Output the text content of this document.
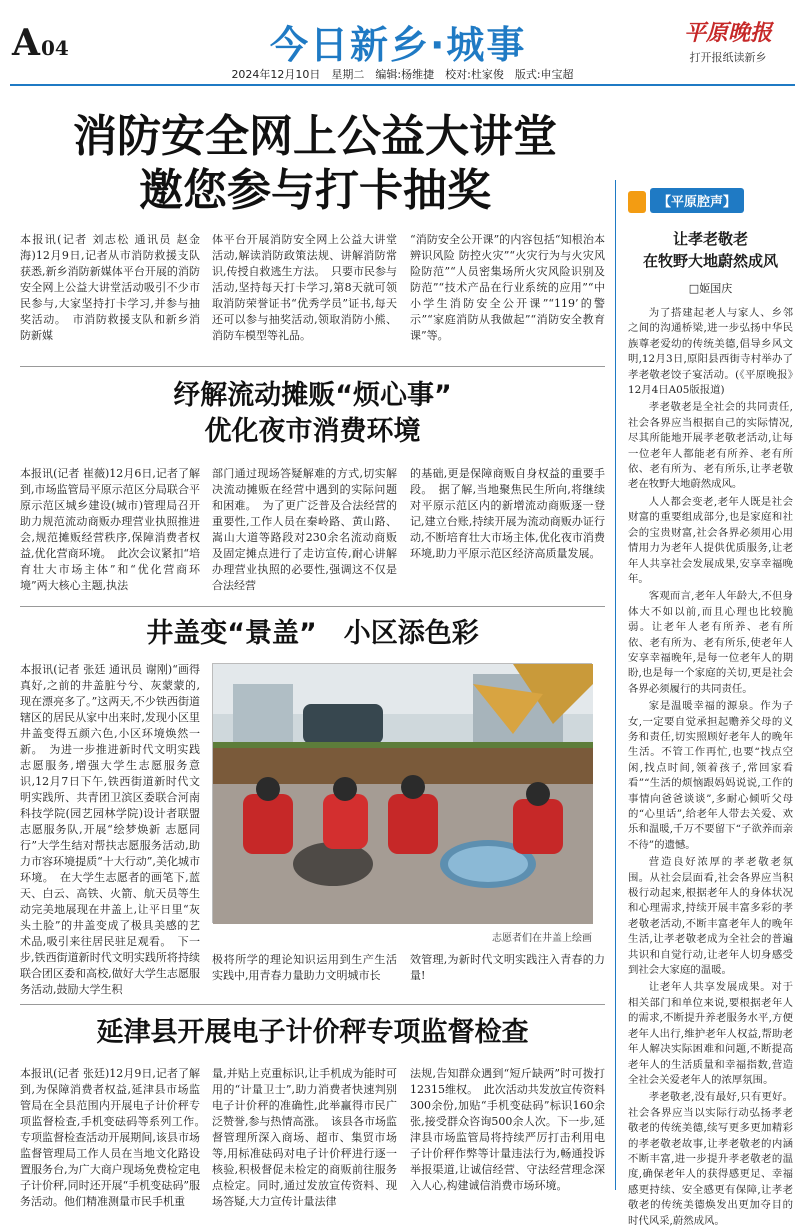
A 04	今日新乡·城事	平原晚报
打开报纸读新乡
2024年12月10日　星期二　编辑:杨维捷　校对:杜家俊　版式:申宝超
消防安全网上公益大讲堂
邀您参与打卡抽奖
本报讯(记者 刘志松 通讯员 赵金海)12月9日,记者从市消防救援支队获悉,新乡消防新媒体平台开展的消防安全网上公益大讲堂活动吸引不少市民参与,大家坚持打卡学习,并参与抽奖活动。　市消防救援支队和新乡消防新媒
体平台开展消防安全网上公益大讲堂活动,解读消防政策法规、讲解消防常识,传授自救逃生方法。　只要市民参与活动,坚持每天打卡学习,第8天就可领取消防荣誉证书“优秀学员”证书,每天还可以参与抽奖活动,领取消防小熊、消防车模型等礼品。
“消防安全公开课”的内容包括“知根治本 辨识风险 防控火灾”“火灾行为与火灾风险防范”“人员密集场所火灾风险识别及防范”“技术产品在行业系统的应用”“中小学生消防安全公开课”“119’的警示”“家庭消防从我做起”“消防安全教育课”等。
纾解流动摊贩“烦心事”
优化夜市消费环境
本报讯(记者 崔薇)12月6日,记者了解到,市场监管局平原示范区分局联合平原示范区城乡建设(城市)管理局召开助力规范流动商贩办理营业执照推进会,规范摊贩经营秩序,保障消费者权益,优化营商环境。　此次会议紧扣“培育壮大市场主体”和“优化营商环境”两大核心主题,执法
部门通过现场答疑解难的方式,切实解决流动摊贩在经营中遇到的实际问题和困难。　为了更广泛普及合法经营的重要性,工作人员在秦岭路、黄山路、嵩山大道等路段对230余名流动商贩及固定摊点进行了走访宣传,耐心讲解办理营业执照的必要性,强调这不仅是合法经营
的基础,更是保障商贩自身权益的重要手段。　据了解,当地聚焦民生所向,将继续对平原示范区内的新增流动商贩逐一登记,建立台账,持续开展为流动商贩办证行动,不断培育壮大市场主体,优化夜市消费环境,助力平原示范区经济高质量发展。
井盖变“景盖”　小区添色彩
本报讯(记者 张廷 通讯员 谢刚)“画得真好,之前的井盖脏兮兮、灰蒙蒙的,现在漂亮多了。”这两天,不少铁西街道辖区的居民从家中出来时,发现小区里井盖变得五颜六色,小区环境焕然一新。　为进一步推进新时代文明实践志愿服务,增强大学生志愿服务意识,12月7日下午,铁西街道新时代文明实践所、共青团卫滨区委联合河南科技学院(园艺园林学院)设计者联盟志愿服务队,开展“绘梦焕新 志愿同行”大学生结对帮扶志愿服务活动,助力市容环境提质“十大行动”,美化城市环境。　在大学生志愿者的画笔下,蓝天、白云、高铁、火箭、航天员等生动完美地展现在井盖上,让平日里“灰头土脸”的井盖变成了极具美感的艺术品,吸引来往居民驻足观看。　下一步,铁西街道新时代文明实践所将持续联合团区委和高校,做好大学生志愿服务活动,鼓励大学生积
志愿者们在井盖上绘画
极将所学的理论知识运用到生产生活实践中,用青春力量助力文明城市长
效管理,为新时代文明实践注入青春的力量!
延津县开展电子计价秤专项监督检查
本报讯(记者 张廷)12月9日,记者了解到,为保障消费者权益,延津县市场监管局在全县范围内开展电子计价秤专项监督检查,手机变砝码等系列工作。　专项监督检查活动开展期间,该县市场监督管理局工作人员在当地文化路设置服务台,为广大商户现场免费检定电子计价秤,同时还开展“手机变砝码”服务活动。他们精准测量市民手机重
量,并贴上克重标识,让手机成为能时可用的“计量卫士”,助力消费者快速判别电子计价秤的准确性,此举赢得市民广泛赞誉,参与热情高涨。　该县各市场监督管理所深入商场、超市、集贸市场等,用标准砝码对电子计价秤进行逐一核验,积极督促未检定的商贩前往服务点检定。同时,通过发放宣传资料、现场答疑,大力宣传计量法律
法规,告知群众遇到“短斤缺两”时可拨打12315维权。　此次活动共发放宣传资料300余份,加贴“手机变砝码”标识160余张,接受群众咨询500余人次。下一步,延津县市场监管局将持续严厉打击利用电子计价秤作弊等计量违法行为,畅通投诉举报渠道,让诚信经营、守法经营理念深入人心,构建诚信消费市场环境。
【平原腔声】
让孝老敬老
在牧野大地蔚然成风
□姬国庆

为了搭建起老人与家人、乡邻之间的沟通桥梁,进一步弘扬中华民族尊老爱幼的传统美德,倡导乡风文明,12月3日,原阳县西街寺村举办了孝老敬老饺子宴活动。(《平原晚报》12月4日A05版报道)

孝老敬老是全社会的共同责任,社会各界应当根据自己的实际情况,尽其所能地开展孝老敬老活动,让每一位老年人都能老有所养、老有所依、老有所为、老有所乐,让孝老敬老在牧野大地蔚然成风。

人人都会变老,老年人既是社会财富的重要组成部分,也是家庭和社会的宝贵财富,社会各界必须用心用情用力为老年人提供优质服务,让老年人共享社会发展成果,安享幸福晚年。

客观而言,老年人年龄大,不但身体大不如以前,而且心理也比较脆弱。让老年人老有所养、老有所依、老有所为、老有所乐,使老年人安享幸福晚年,是每一位老年人的期盼,也是每一个家庭的关切,更是社会各界必须履行的共同责任。

家是温暖幸福的源泉。作为子女,一定要自觉承担起赡养父母的义务和责任,切实照顾好老年人的晚年生活。不管工作再忙,也要“找点空闲,找点时间,领着孩子,常回家看看”“生活的烦恼跟妈妈说说,工作的事情向爸爸谈谈”,多耐心倾听父母的“心里话”,给老年人带去关爱、欢乐和温暖,千万不要留下“子欲养而亲不待”的遗憾。

营造良好浓厚的孝老敬老氛围。从社会层面看,社会各界应当积极行动起来,根据老年人的身体状况和心理需求,持续开展丰富多彩的孝老敬老活动,不断丰富老年人的晚年生活,让孝老敬老成为全社会的普遍共识和自觉行动,让老年人切身感受到社会大家庭的温暖。

让老年人共享发展成果。对于相关部门和单位来说,要根据老年人的需求,不断提升养老服务水平,方便老年人出行,维护老年人权益,帮助老年人解决实际困难和问题,不断提高老年人的生活质量和幸福指数,营造全社会关爱老年人的浓厚氛围。

孝老敬老,没有最好,只有更好。社会各界应当以实际行动弘扬孝老敬老的传统美德,续写更多更加精彩的孝老敬老故事,让孝老敬老的内涵不断丰富,进一步提升孝老敬老的温度,确保老年人的获得感更足、幸福感更持续、安全感更有保障,让孝老敬老的传统美德焕发出更加夺目的时代风采,蔚然成风。
